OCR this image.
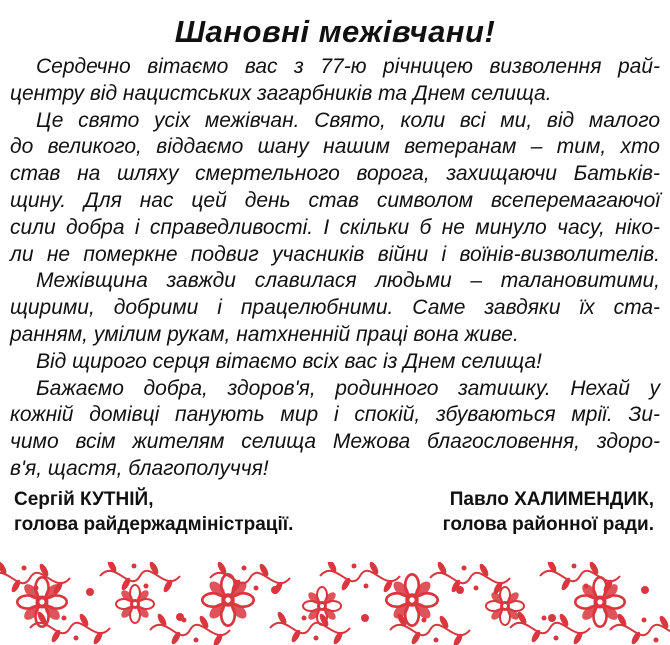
Шановні межівчани!
Сердечно вітаємо вас з 77-ю річницею визволення рай-
центру від нацистських загарбників та Днем селища.
Це свято усіх межівчан. Свято, коли всі ми, від малого
до великого, віддаємо шану нашим ветеранам – тим, хто
став на шляху смертельного ворога, захищаючи Батьків-
щину. Для нас цей день став символом всеперемагаючої
сили добра і справедливості. І скільки б не минуло часу, ніко-
ли не померкне подвиг учасників війни і воїнів-визволителів.
Межівщина завжди славилася людьми – талановитими,
щирими, добрими і працелюбними. Саме завдяки їх ста-
ранням, умілим рукам, натхненній праці вона живе.
Від щирого серця вітаємо всіх вас із Днем селища!
Бажаємо добра, здоров'я, родинного затишку. Нехай у
кожній домівці панують мир і спокій, збуваються мрії. Зи-
чимо всім жителям селища Межова благословення, здоро-
в'я, щастя, благополуччя!
Сергій КУТНІЙ,
голова райдержадміністрації.
Павло ХАЛИМЕНДИК,
голова районної ради.
